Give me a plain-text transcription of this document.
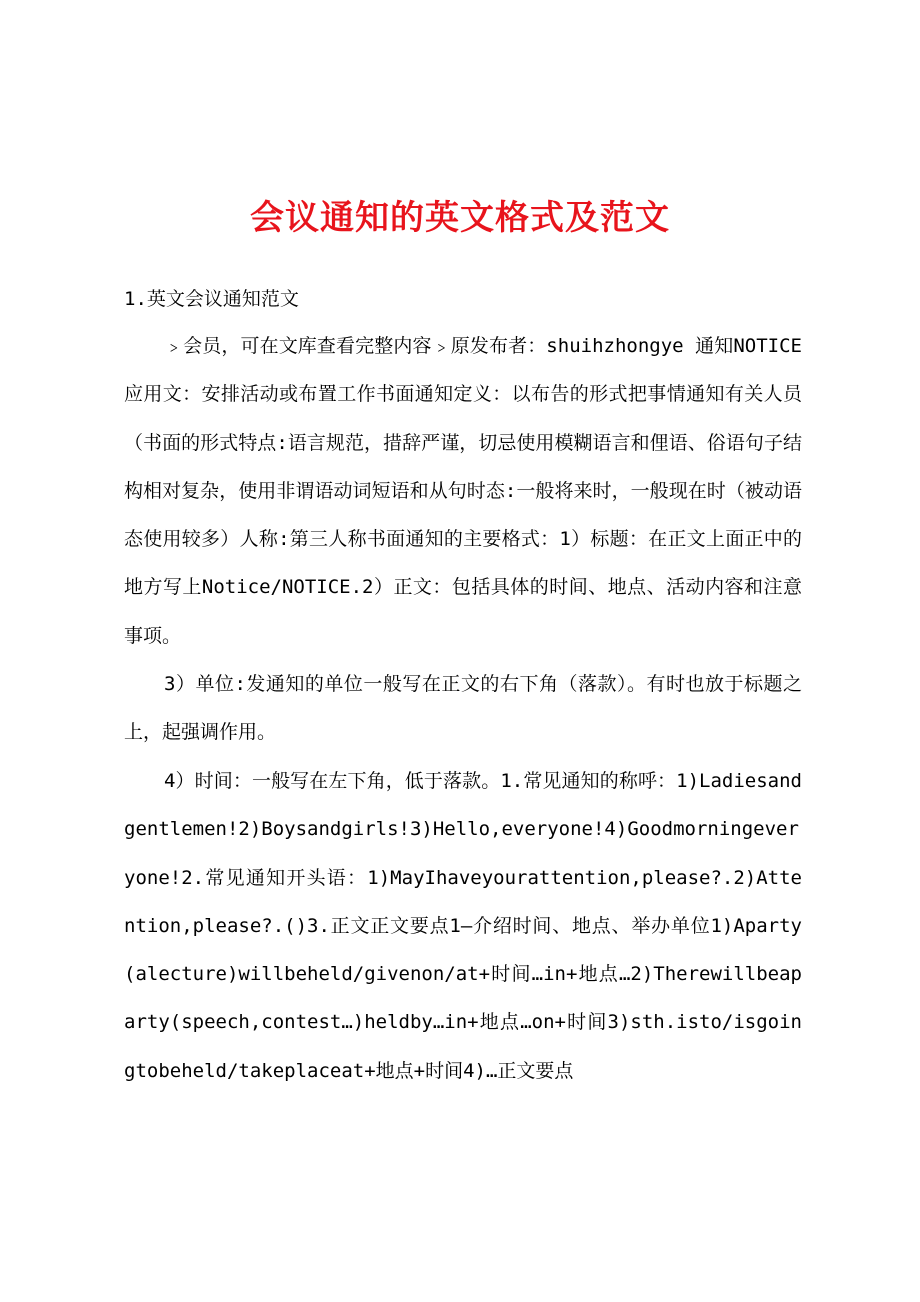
会议通知的英文格式及范文
1.英文会议通知范文

﹥会员，可在文库查看完整内容﹥原发布者：shuihzhongye 通知NOTICE应用文：安排活动或布置工作书面通知定义：以布告的形式把事情通知有关人员（书面的形式特点:语言规范，措辞严谨，切忌使用模糊语言和俚语、俗语句子结构相对复杂，使用非谓语动词短语和从句时态:一般将来时，一般现在时（被动语态使用较多）人称:第三人称书面通知的主要格式：1）标题：在正文上面正中的地方写上Notice/NOTICE.2）正文：包括具体的时间、地点、活动内容和注意事项。

3）单位:发通知的单位一般写在正文的右下角（落款）。有时也放于标题之上，起强调作用。

4）时间：一般写在左下角，低于落款。1.常见通知的称呼：1)Ladiesandgentlemen!2)Boysandgirls!3)Hello,everyone!4)Goodmorningeveryone!2.常见通知开头语：1)MayIhaveyourattention,please?.2)Attention,please?.()3.正文正文要点1—介绍时间、地点、举办单位1)Aparty(alecture)willbeheld/givenon/at+时间…in+地点…2)Therewillbeaparty(speech,contest…)heldby…in+地点…on+时间3)sth.isto/isgoingtobeheld/takeplaceat+地点+时间4)…正文要点
